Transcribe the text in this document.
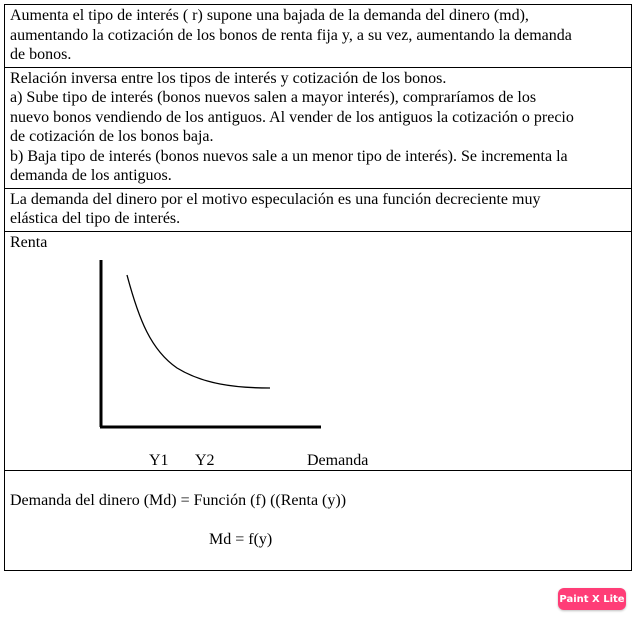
Aumenta el tipo de interés ( r) supone una bajada de la demanda del dinero (md),
aumentando la cotización de los bonos de renta fija y, a su vez, aumentando la demanda
de bonos.
Relación inversa entre los tipos de interés y cotización de los bonos.
a) Sube tipo de interés (bonos nuevos salen a mayor interés), compraríamos de los
nuevo bonos vendiendo de los antiguos. Al vender de los antiguos la cotización o precio
de cotización de los bonos baja.
b) Baja tipo de interés (bonos nuevos sale a un menor tipo de interés). Se incrementa la
demanda de los antiguos.
La demanda del dinero por el motivo especulación es una función decreciente muy
elástica del tipo de interés.
Renta
Y1 Y2	Demanda
Demanda del dinero (Md) = Función (f) ((Renta (y))
Md = f(y)
Paint X Lite
